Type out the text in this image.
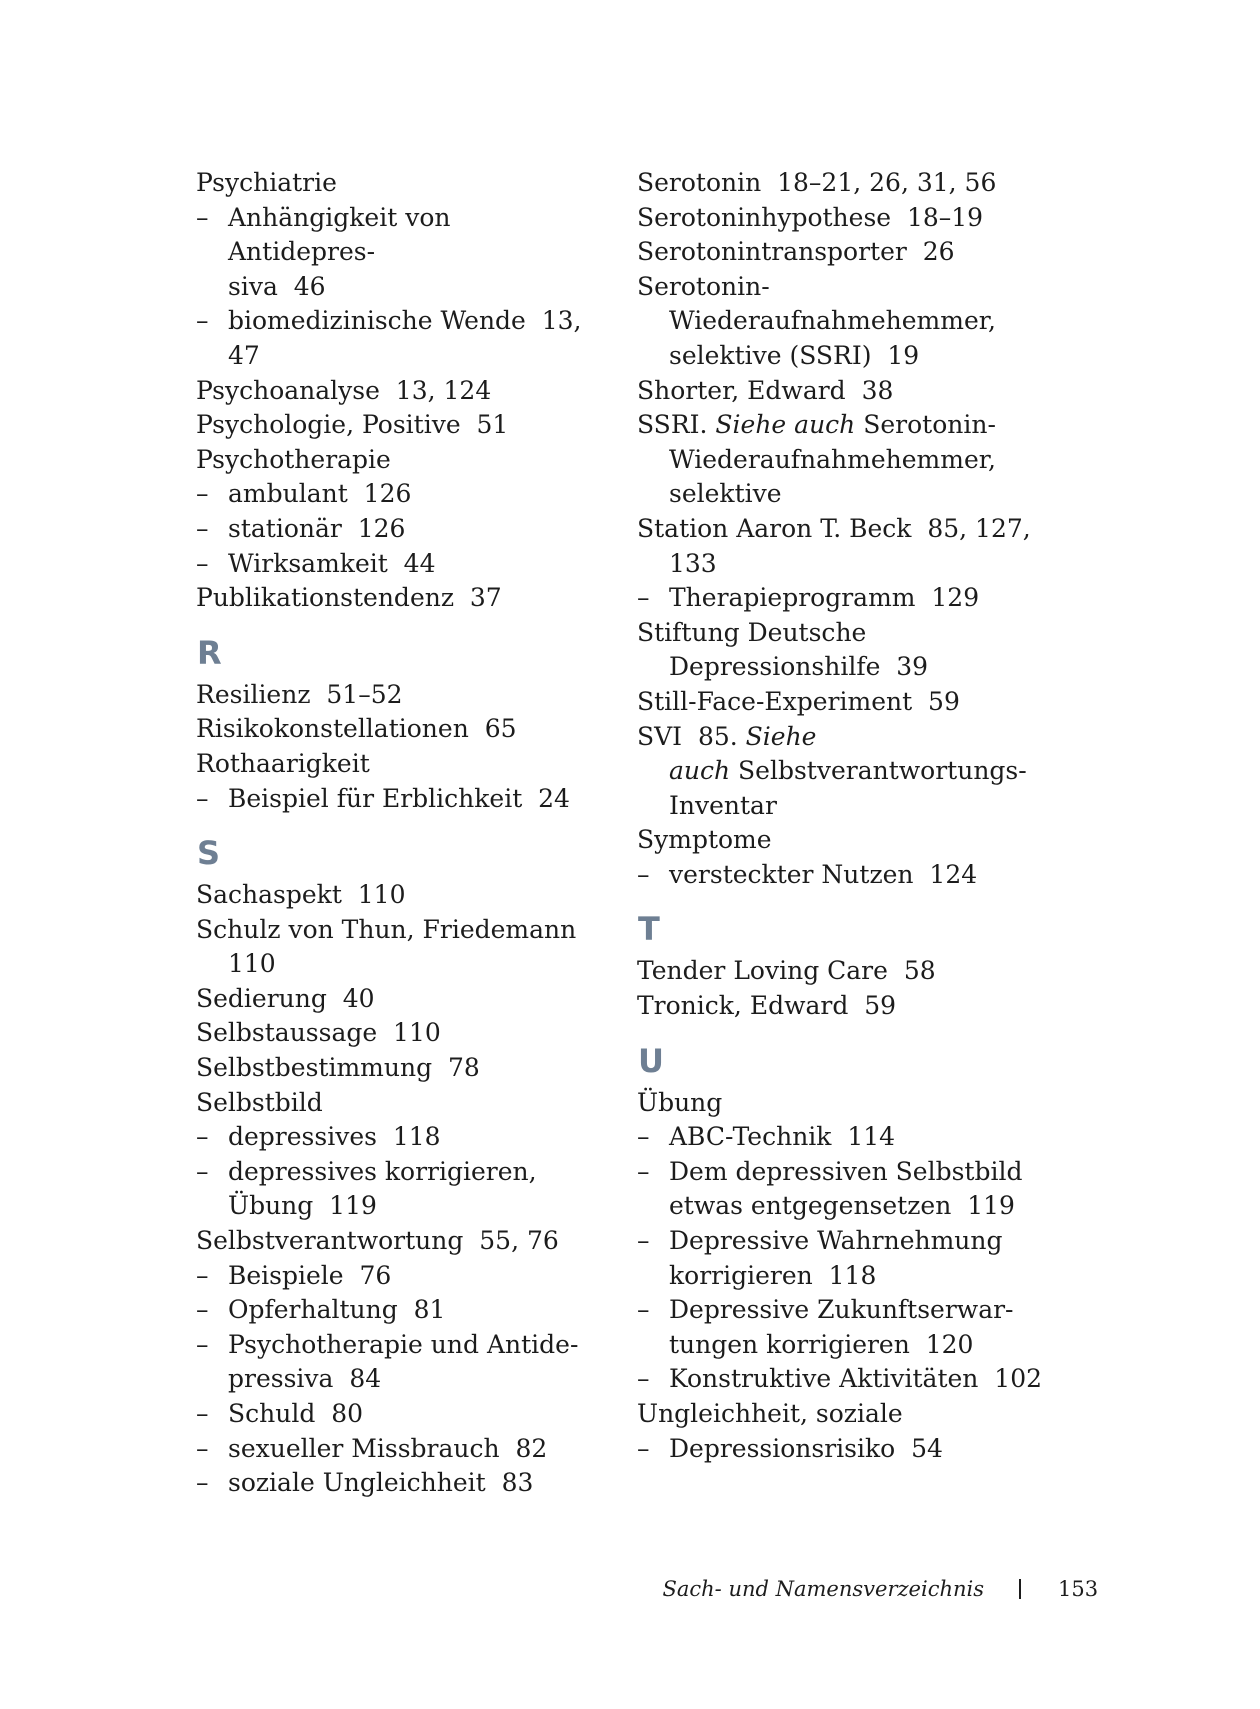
Psychiatrie
– Anhängigkeit von Antidepres-
siva  46
– biomedizinische Wende  13,
47
Psychoanalyse  13, 124
Psychologie, Positive  51
Psychotherapie
– ambulant  126
– stationär  126
– Wirksamkeit  44
Publikationstendenz  37
R
Resilienz  51–52
Risikokonstellationen  65
Rothaarigkeit
– Beispiel für Erblichkeit  24
S
Sachaspekt  110
Schulz von Thun, Friedemann
110
Sedierung  40
Selbstaussage  110
Selbstbestimmung  78
Selbstbild
– depressives  118
– depressives korrigieren,
Übung  119
Selbstverantwortung  55, 76
– Beispiele  76
– Opferhaltung  81
– Psychotherapie und Antide-
pressiva  84
– Schuld  80
– sexueller Missbrauch  82
– soziale Ungleichheit  83
Serotonin  18–21, 26, 31, 56
Serotoninhypothese  18–19
Serotonintransporter  26
Serotonin-
Wiederaufnahmehemmer,
selektive (SSRI)  19
Shorter, Edward  38
SSRI. Siehe auch Serotonin-
Wiederaufnahmehemmer,
selektive
Station Aaron T. Beck  85, 127,
133
– Therapieprogramm  129
Stiftung Deutsche
Depressionshilfe  39
Still-Face-Experiment  59
SVI  85. Siehe
auch Selbstverantwortungs-
Inventar
Symptome
– versteckter Nutzen  124
T
Tender Loving Care  58
Tronick, Edward  59
U
Übung
– ABC-Technik  114
– Dem depressiven Selbstbild
etwas entgegensetzen  119
– Depressive Wahrnehmung
korrigieren  118
– Depressive Zukunftserwar-
tungen korrigieren  120
– Konstruktive Aktivitäten  102
Ungleichheit, soziale
– Depressionsrisiko  54
Sach- und Namensverzeichnis	153
